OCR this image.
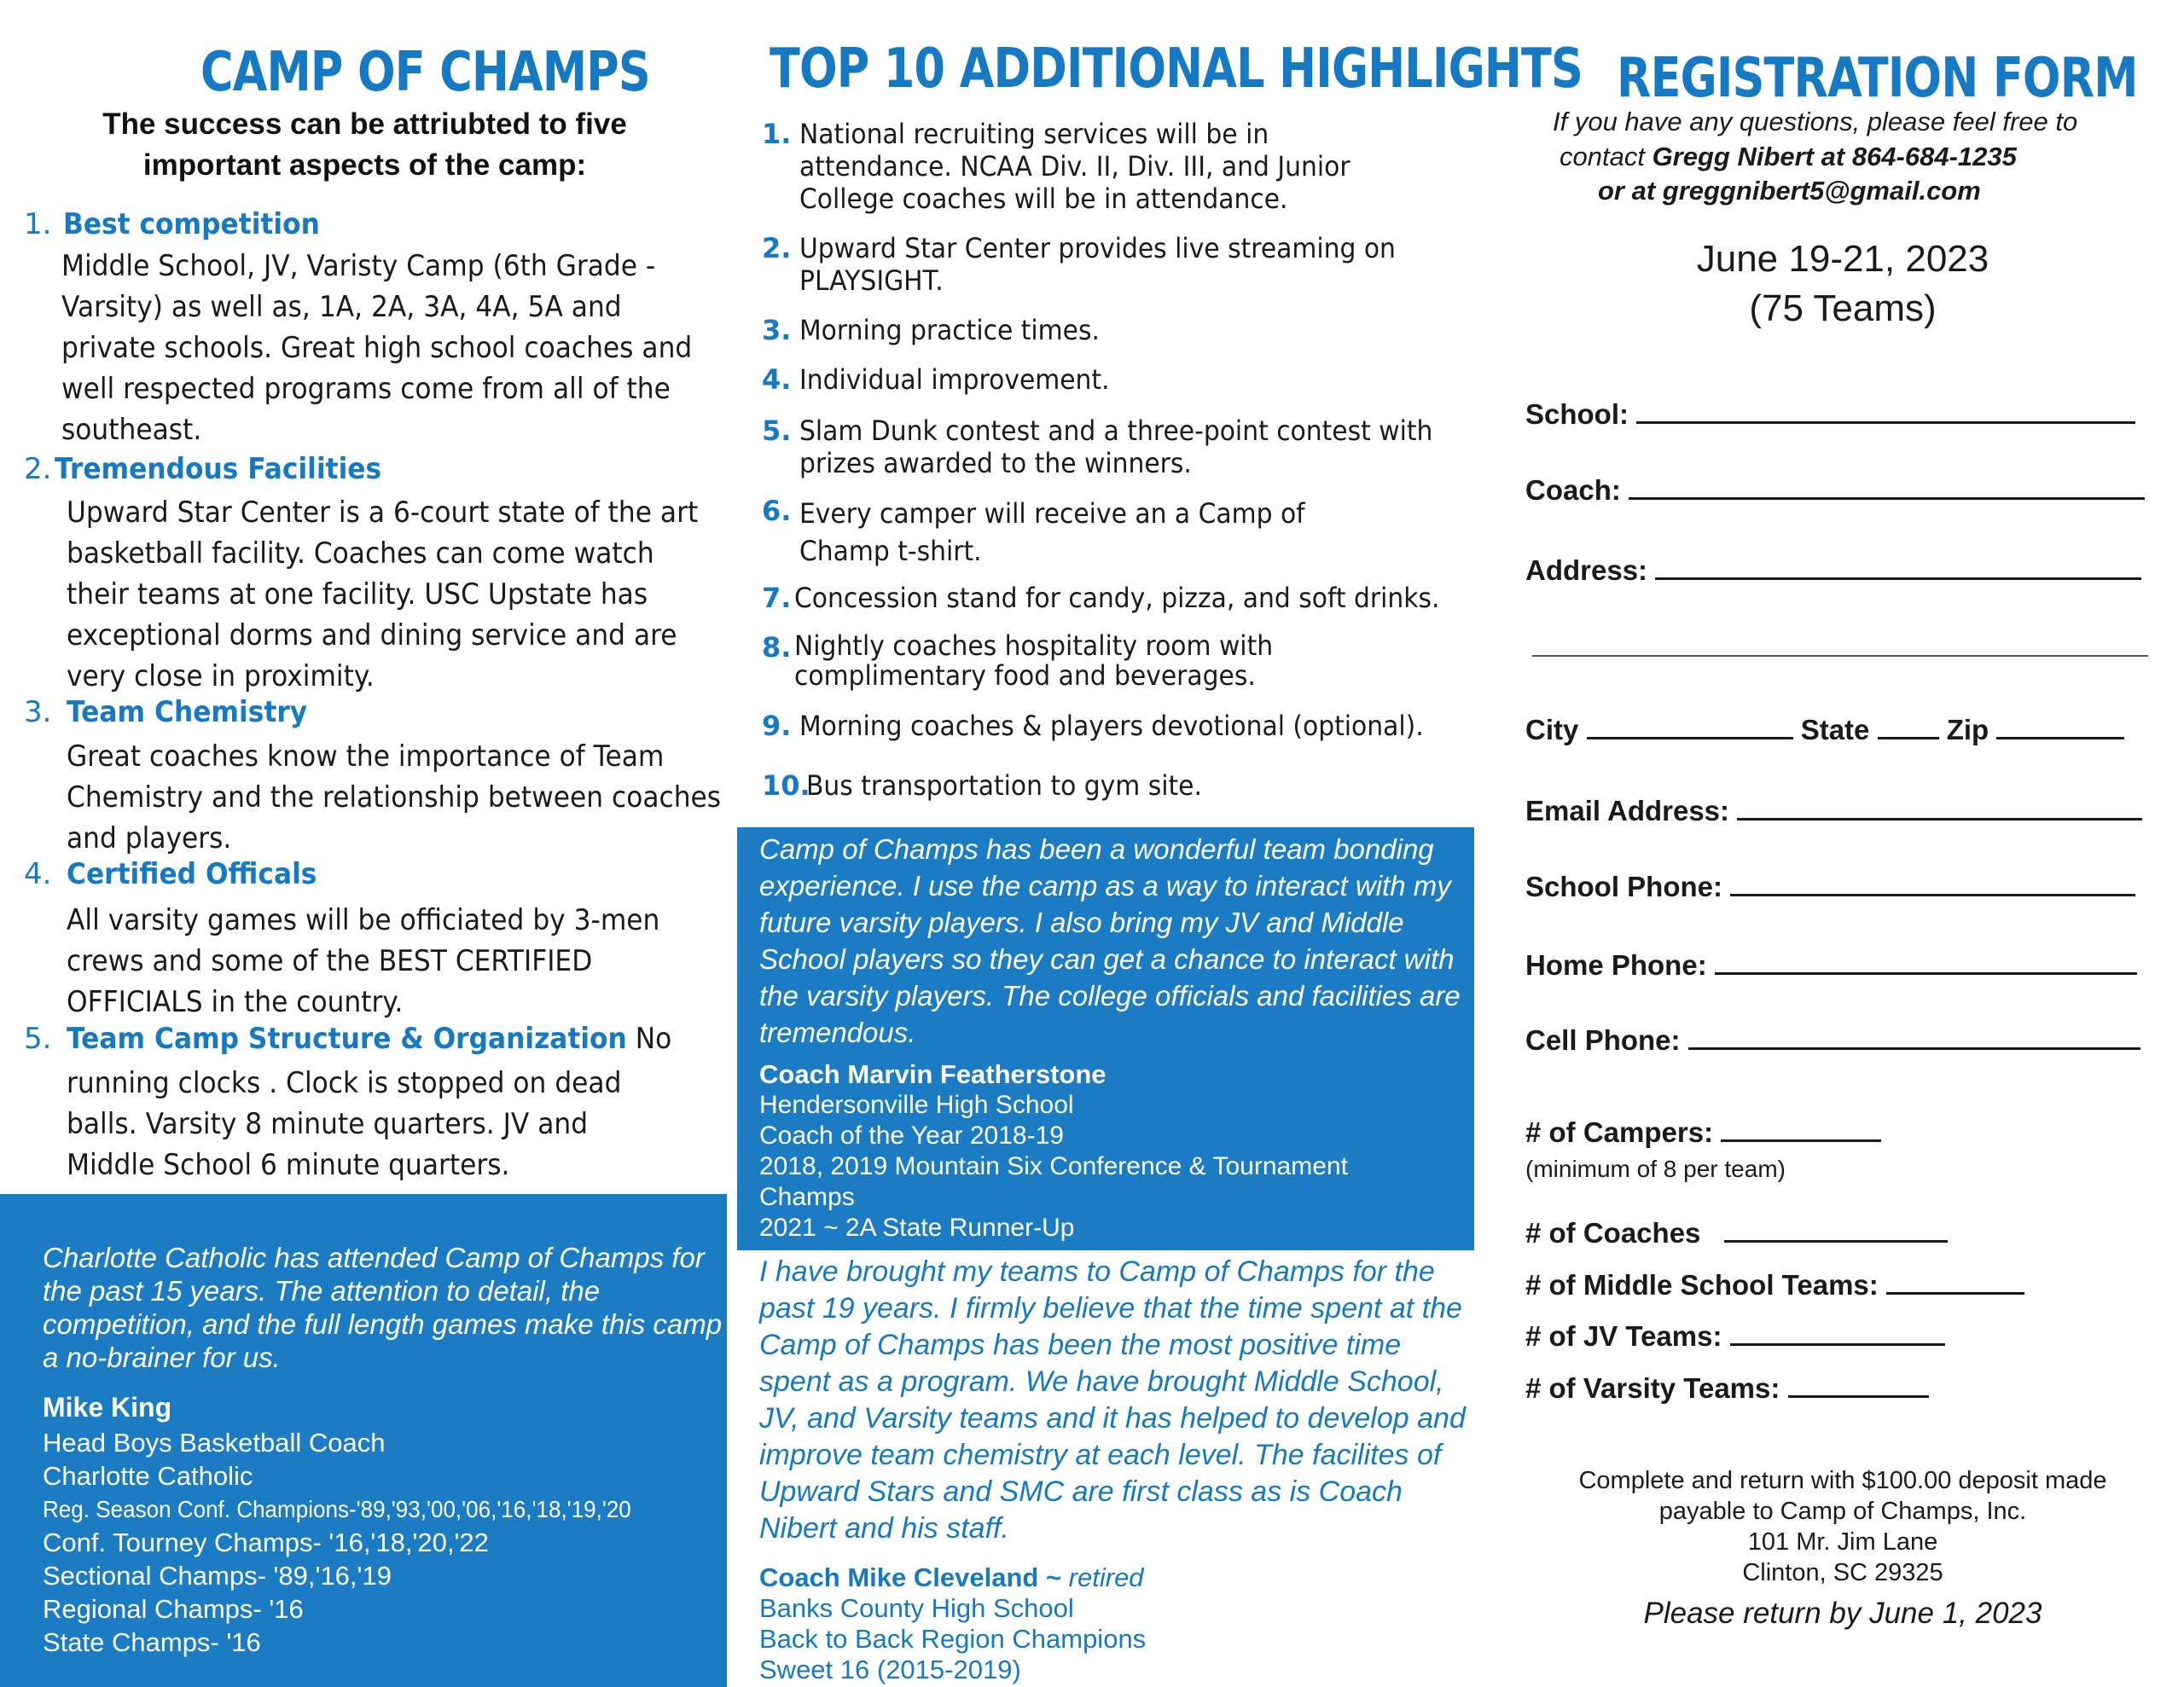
CAMP OF CHAMPS
The success can be attriubted to five important aspects of the camp:
1. Best competition
Middle School, JV, Varisty Camp (6th Grade -Varsity) as well as, 1A, 2A, 3A, 4A, 5A and private schools. Great high school coaches and well respected programs come from all of the southeast.
2. Tremendous Facilities
Upward Star Center is a 6-court state of the art basketball facility. Coaches can come watch their teams at one facility. USC Upstate has exceptional dorms and dining service and are very close in proximity.
3. Team Chemistry
Great coaches know the importance of Team Chemistry and the relationship between coaches and players.
4. Certified Officals
All varsity games will be officiated by 3-men crews and some of the BEST CERTIFIED OFFICIALS in the country.
5. Team Camp Structure & Organization No
running clocks . Clock is stopped on dead balls. Varsity 8 minute quarters. JV and Middle School 6 minute quarters.
Charlotte Catholic has attended Camp of Champs for the past 15 years. The attention to detail, the competition, and the full length games make this camp a no-brainer for us.
Mike King
Head Boys Basketball Coach
Charlotte Catholic
Reg. Season Conf. Champions-'89,'93,'00,'06,'16,'18,'19,'20
Conf. Tourney Champs- '16,'18,'20,'22
Sectional Champs- '89,'16,'19
Regional Champs- '16
State Champs- '16
TOP 10 ADDITIONAL HIGHLIGHTS
1. National recruiting services will be in attendance. NCAA Div. II, Div. III, and Junior College coaches will be in attendance.
2. Upward Star Center provides live streaming on PLAYSIGHT.
3. Morning practice times.
4. Individual improvement.
5. Slam Dunk contest and a three-point contest with prizes awarded to the winners.
6. Every camper will receive an a Camp of Champ t-shirt.
7. Concession stand for candy, pizza, and soft drinks.
8. Nightly coaches hospitality room with complimentary food and beverages.
9. Morning coaches & players devotional (optional).
10.
Bus transportation to gym site.
Camp of Champs has been a wonderful team bonding experience. I use the camp as a way to interact with my future varsity players. I also bring my JV and Middle School players so they can get a chance to interact with the varsity players. The college officials and facilities are tremendous.
Coach Marvin Featherstone
Hendersonville High School
Coach of the Year 2018-19
2018, 2019 Mountain Six Conference & Tournament Champs
2021 ~ 2A State Runner-Up
I have brought my teams to Camp of Champs for the past 19 years. I firmly believe that the time spent at the Camp of Champs has been the most positive time spent as a program. We have brought Middle School, JV, and Varsity teams and it has helped to develop and improve team chemistry at each level. The facilites of Upward Stars and SMC are first class as is Coach Nibert and his staff.
Coach Mike Cleveland ~ retired
Banks County High School
Back to Back Region Champions
Sweet 16 (2015-2019)
REGISTRATION FORM
If you have any questions, please feel free to
contact Gregg Nibert at 864-684-1235
or at greggnibert5@gmail.com
June 19-21, 2023
(75 Teams)
School:
Coach:
Address:
City	State	Zip
Email Address:
School Phone:
Home Phone:
Cell Phone:
# of Campers:
(minimum of 8 per team)
# of Coaches
# of Middle School Teams:
# of JV Teams:
# of Varsity Teams:
Complete and return with $100.00 deposit made
payable to Camp of Champs, Inc.
101 Mr. Jim Lane
Clinton, SC 29325
Please return by June 1, 2023
